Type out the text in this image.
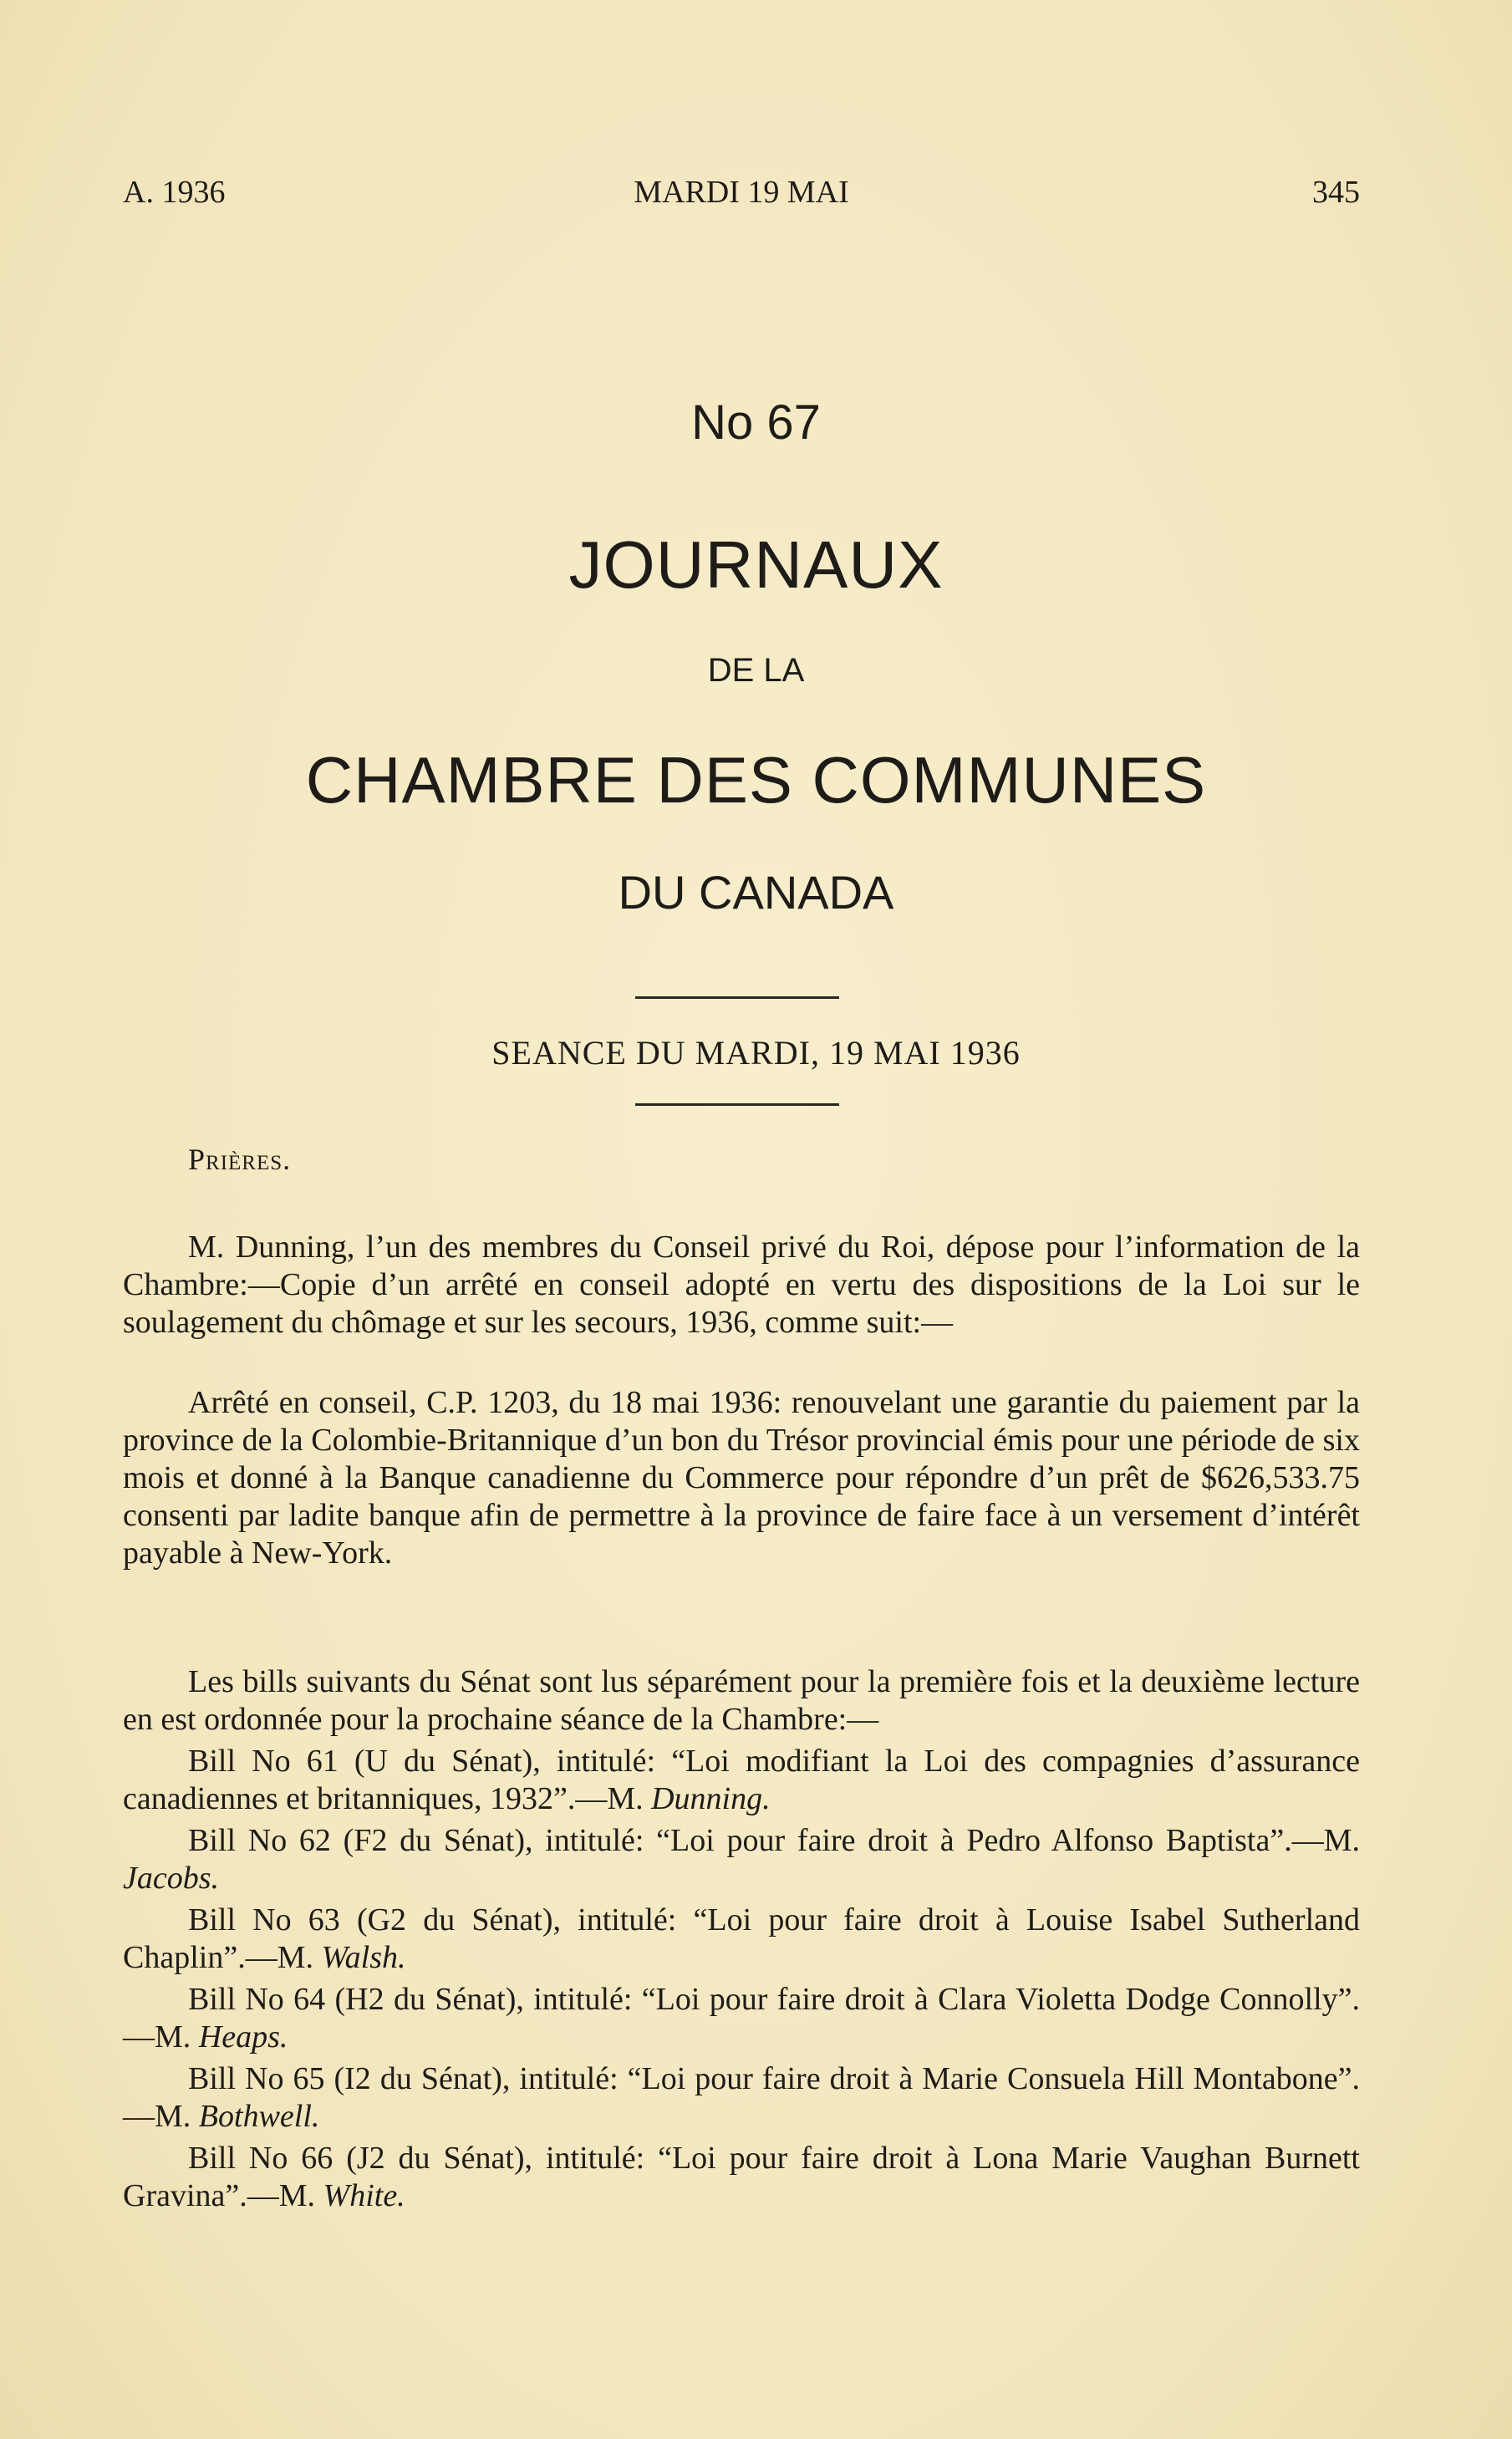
A. 1936	MARDI 19 MAI	345
No 67
JOURNAUX
DE LA
CHAMBRE DES COMMUNES
DU CANADA
SEANCE DU MARDI, 19 MAI 1936
Prières.

M. Dunning, l’un des membres du Conseil privé du Roi, dépose pour l’information de la Chambre:—Copie d’un arrêté en conseil adopté en vertu des dispositions de la Loi sur le soulagement du chômage et sur les secours, 1936, comme suit:—

Arrêté en conseil, C.P. 1203, du 18 mai 1936: renouvelant une garantie du paiement par la province de la Colombie-Britannique d’un bon du Trésor provincial émis pour une période de six mois et donné à la Banque canadienne du Commerce pour répondre d’un prêt de $626,533.75 consenti par ladite banque afin de permettre à la province de faire face à un versement d’intérêt payable à New-York.

Les bills suivants du Sénat sont lus séparément pour la première fois et la deuxième lecture en est ordonnée pour la prochaine séance de la Chambre:—

Bill No 61 (U du Sénat), intitulé: “Loi modifiant la Loi des compagnies d’assurance canadiennes et britanniques, 1932”.—M. Dunning.

Bill No 62 (F2 du Sénat), intitulé: “Loi pour faire droit à Pedro Alfonso Baptista”.—M. Jacobs.

Bill No 63 (G2 du Sénat), intitulé: “Loi pour faire droit à Louise Isabel Sutherland Chaplin”.—M. Walsh.

Bill No 64 (H2 du Sénat), intitulé: “Loi pour faire droit à Clara Violetta Dodge Connolly”.—M. Heaps.

Bill No 65 (I2 du Sénat), intitulé: “Loi pour faire droit à Marie Consuela Hill Montabone”.—M. Bothwell.

Bill No 66 (J2 du Sénat), intitulé: “Loi pour faire droit à Lona Marie Vaughan Burnett Gravina”.—M. White.
